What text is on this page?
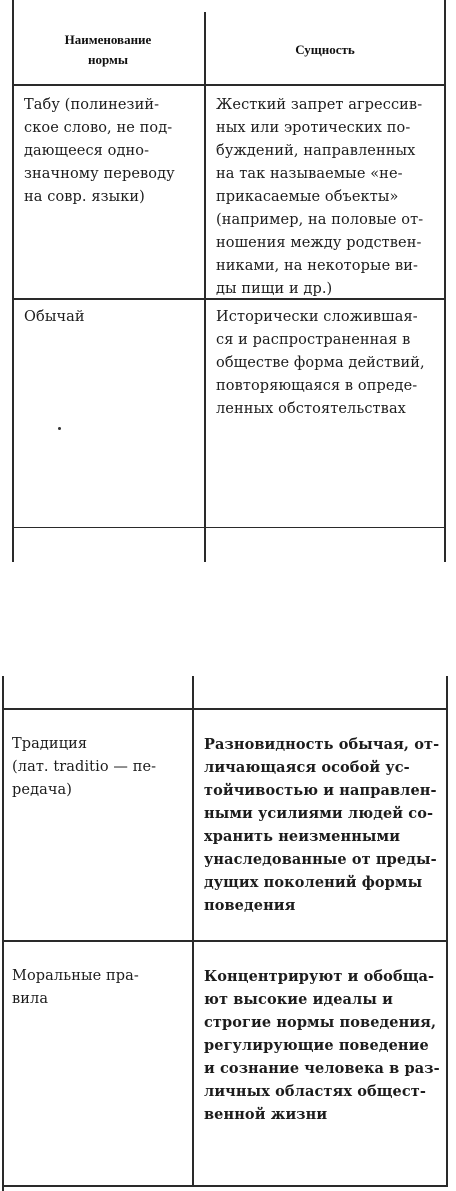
Наименование
нормы
Сущность
Табу (полинезий-
ское слово, не под-
дающееся одно-
значному переводу
на совр. языки)
Жесткий запрет агрессив-
ных или эротических по-
буждений, направленных
на так называемые «не-
прикасаемые объекты»
(например, на половые от-
ношения между родствен-
никами, на некоторые ви-
ды пищи и др.)
Обычай	Исторически сложившая-
ся и распространенная в
обществе форма действий,
повторяющаяся в опреде-
ленных обстоятельствах
Традиция
(лат. traditio — пе-
редача)
Разновидность обычая, от-
личающаяся особой ус-
тойчивостью и направлен-
ными усилиями людей со-
хранить неизменными
унаследованные от преды-
дущих поколений формы
поведения
Моральные пра-
вила
Концентрируют и обобща-
ют высокие идеалы и
строгие нормы поведения,
регулирующие поведение
и сознание человека в раз-
личных областях общест-
венной жизни
